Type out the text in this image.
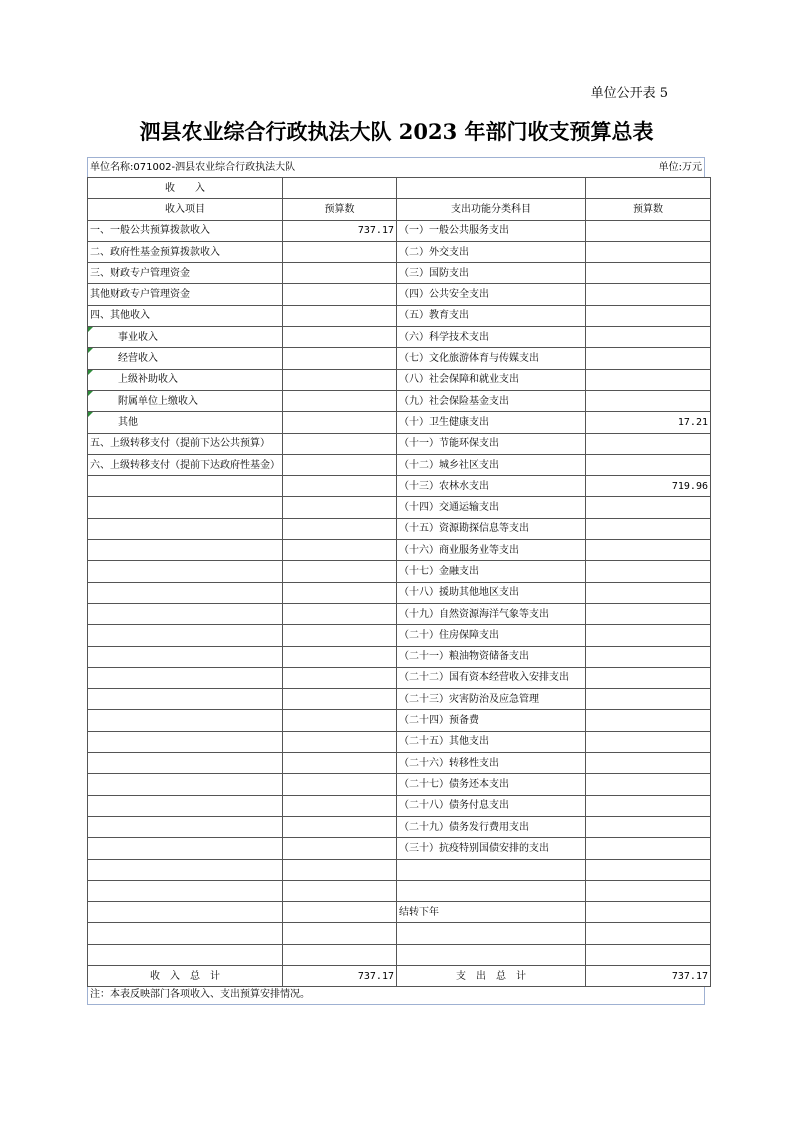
单位公开表 5
泗县农业综合行政执法大队 2023 年部门收支预算总表
单位名称:071002-泗县农业综合行政执法大队	单位:万元
收　　入			
收入项目	预算数	支出功能分类科目	预算数
一、一般公共预算拨款收入	737.17	（一）一般公共服务支出	
二、政府性基金预算拨款收入		（二）外交支出	
三、财政专户管理资金		（三）国防支出	
其他财政专户管理资金		（四）公共安全支出	
四、其他收入		（五）教育支出	
事业收入		（六）科学技术支出	
经营收入		（七）文化旅游体育与传媒支出	
上级补助收入		（八）社会保障和就业支出	
附属单位上缴收入		（九）社会保险基金支出	
其他		（十）卫生健康支出	17.21
五、上级转移支付（提前下达公共预算）		（十一）节能环保支出	
六、上级转移支付（提前下达政府性基金）		（十二）城乡社区支出	
		（十三）农林水支出	719.96
		（十四）交通运输支出	
		（十五）资源勘探信息等支出	
		（十六）商业服务业等支出	
		（十七）金融支出	
		（十八）援助其他地区支出	
		（十九）自然资源海洋气象等支出	
		（二十）住房保障支出	
		（二十一）粮油物资储备支出	
		（二十二）国有资本经营收入安排支出	
		（二十三）灾害防治及应急管理	
		（二十四）预备费	
		（二十五）其他支出	
		（二十六）转移性支出	
		（二十七）债务还本支出	
		（二十八）债务付息支出	
		（二十九）债务发行费用支出	
		（三十）抗疫特别国债安排的支出	

		结转下年	

收　入　总　计	737.17	支　出　总　计	737.17
注：本表反映部门各项收入、支出预算安排情况。
